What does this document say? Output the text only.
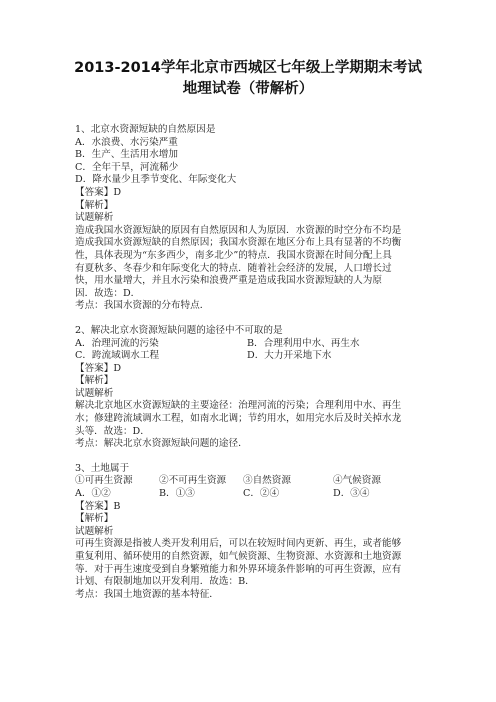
2013-2014学年北京市西城区七年级上学期期末考试
地理试卷（带解析）

1、北京水资源短缺的自然原因是

A．水浪费、水污染严重

B．生产、生活用水增加

C．全年干旱，河流稀少

D．降水量少且季节变化、年际变化大

【答案】D

【解析】

试题解析

造成我国水资源短缺的原因有自然原因和人为原因．水资源的时空分布不均是

造成我国水资源短缺的自然原因；我国水资源在地区分布上具有显著的不均衡

性，具体表现为“东多西少，南多北少”的特点．我国水资源在时间分配上具

有夏秋多、冬春少和年际变化大的特点．随着社会经济的发展，人口增长过

快，用水量增大，并且水污染和浪费严重是造成我国水资源短缺的人为原

因．故选：D．

考点：我国水资源的分布特点．

2、解决北京水资源短缺问题的途径中不可取的是

A．治理河流的污染	B．合理利用中水、再生水
C．跨流域调水工程	D．大力开采地下水

【答案】D

【解析】

试题解析

解决北京地区水资源短缺的主要途径：治理河流的污染；合理利用中水、再生

水；修建跨流域调水工程，如南水北调；节约用水，如用完水后及时关掉水龙

头等．故选：D．

考点：解决北京水资源短缺问题的途径．

3、土地属于

①可再生资源	②不可再生资源	③自然资源	④气候资源
A．①②	B．①③	C．②④	D．③④

【答案】B

【解析】

试题解析

可再生资源是指被人类开发利用后，可以在较短时间内更新、再生，或者能够

重复利用、循环使用的自然资源，如气候资源、生物资源、水资源和土地资源

等．对于再生速度受到自身繁殖能力和外界环境条件影响的可再生资源，应有

计划、有限制地加以开发利用．故选：B．

考点：我国土地资源的基本特征．
